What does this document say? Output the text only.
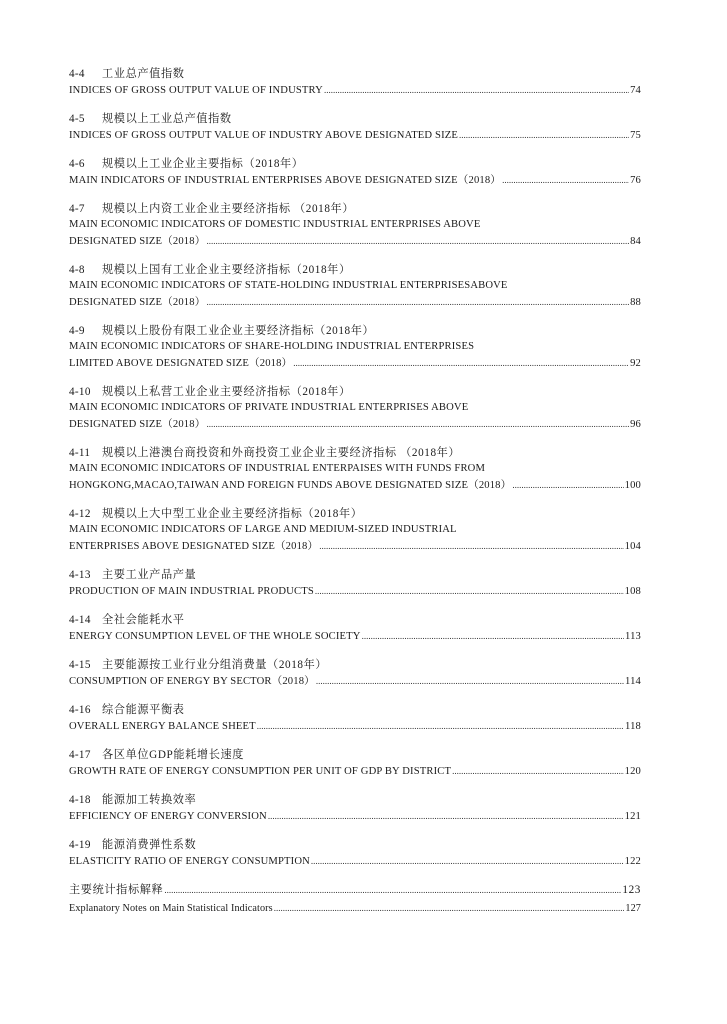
4-4 工业总产值指数
INDICES OF GROSS OUTPUT VALUE OF INDUSTRY .....	74
4-5 规模以上工业总产值指数
INDICES OF GROSS OUTPUT VALUE OF INDUSTRY ABOVE DESIGNATED SIZE .....	75
4-6 规模以上工业企业主要指标（2018年）
MAIN INDICATORS OF INDUSTRIAL ENTERPRISES ABOVE DESIGNATED SIZE（2018） .....	76
4-7 规模以上内资工业企业主要经济指标 （2018年）
MAIN ECONOMIC INDICATORS OF DOMESTIC INDUSTRIAL ENTERPRISES ABOVE
DESIGNATED SIZE（2018） .....	84
4-8 规模以上国有工业企业主要经济指标（2018年）
MAIN ECONOMIC INDICATORS OF STATE-HOLDING INDUSTRIAL ENTERPRISESABOVE
DESIGNATED SIZE（2018） .....	88
4-9 规模以上股份有限工业企业主要经济指标（2018年）
MAIN ECONOMIC INDICATORS OF SHARE-HOLDING INDUSTRIAL ENTERPRISES
LIMITED ABOVE DESIGNATED SIZE（2018） .....	92
4-10 规模以上私营工业企业主要经济指标（2018年）
MAIN ECONOMIC INDICATORS OF PRIVATE INDUSTRIAL ENTERPRISES ABOVE
DESIGNATED SIZE（2018） .....	96
4-11 规模以上港澳台商投资和外商投资工业企业主要经济指标 （2018年）
MAIN ECONOMIC INDICATORS OF INDUSTRIAL ENTERPAISES WITH FUNDS FROM
HONGKONG,MACAO,TAIWAN AND FOREIGN FUNDS ABOVE DESIGNATED SIZE（2018） .....	100
4-12 规模以上大中型工业企业主要经济指标（2018年）
MAIN ECONOMIC INDICATORS OF LARGE AND MEDIUM-SIZED INDUSTRIAL
ENTERPRISES ABOVE DESIGNATED SIZE（2018） .....	104
4-13 主要工业产品产量
PRODUCTION OF MAIN INDUSTRIAL PRODUCTS .....	108
4-14 全社会能耗水平
ENERGY CONSUMPTION LEVEL OF THE WHOLE SOCIETY .....	113
4-15 主要能源按工业行业分组消费量（2018年）
CONSUMPTION OF ENERGY BY SECTOR（2018） .....	114
4-16 综合能源平衡表
OVERALL ENERGY BALANCE SHEET .....	118
4-17 各区单位GDP能耗增长速度
GROWTH RATE OF ENERGY CONSUMPTION PER UNIT OF GDP BY DISTRICT .....	120
4-18 能源加工转换效率
EFFICIENCY OF ENERGY CONVERSION .....	121
4-19 能源消费弹性系数
ELASTICITY RATIO OF ENERGY CONSUMPTION .....	122
主要统计指标解释 .....	123
Explanatory Notes on Main Statistical Indicators .....	127
